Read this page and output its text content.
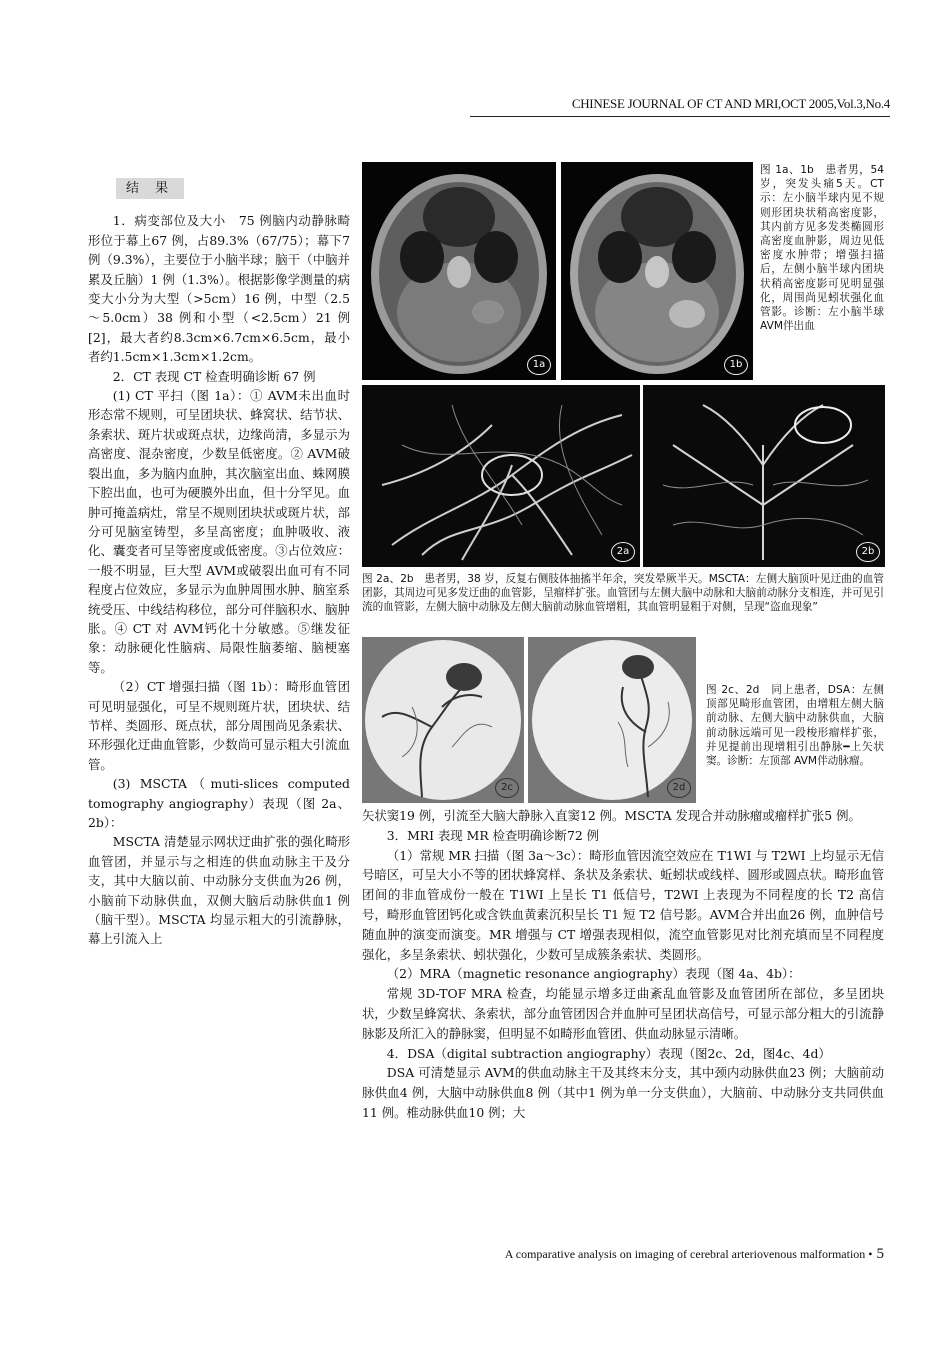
CHINESE JOURNAL OF CT AND MRI,OCT 2005,Vol.3,No.4
结 果

1．病变部位及大小　75 例脑内动静脉畸形位于幕上67 例，占89.3%（67/75）；幕下7 例（9.3%），主要位于小脑半球；脑干（中脑并累及丘脑）1 例（1.3%）。根据影像学测量的病变大小分为大型（>5cm）16 例，中型（2.5～5.0cm）38 例和小型（<2.5cm）21 例[2]，最大者约8.3cm×6.7cm×6.5cm，最小者约1.5cm×1.3cm×1.2cm。

2．CT 表现 CT 检查明确诊断 67 例

(1) CT 平扫（图 1a）：① AVM未出血时形态常不规则，可呈团块状、蜂窝状、结节状、条索状、斑片状或斑点状，边缘尚清，多显示为高密度、混杂密度，少数呈低密度。② AVM破裂出血，多为脑内血肿，其次脑室出血、蛛网膜下腔出血，也可为硬膜外出血，但十分罕见。血肿可掩盖病灶，常呈不规则团块状或斑片状，部分可见脑室铸型，多呈高密度；血肿吸收、液化、囊变者可呈等密度或低密度。③占位效应：一般不明显，巨大型 AVM或破裂出血可有不同程度占位效应，多显示为血肿周围水肿、脑室系统受压、中线结构移位，部分可伴脑积水、脑肿胀。④ CT 对 AVM钙化十分敏感。⑤继发征象：动脉硬化性脑病、局限性脑萎缩、脑梗塞等。

（2）CT 增强扫描（图 1b）：畸形血管团可见明显强化，可呈不规则斑片状，团块状、结节样、类圆形、斑点状，部分周围尚见条索状、环形强化迂曲血管影，少数尚可显示粗大引流血管。

(3) MSCTA（muti-slices computed tomography angiography）表现（图 2a、2b）：

MSCTA 清楚显示网状迂曲扩张的强化畸形血管团，并显示与之相连的供血动脉主干及分支，其中大脑以前、中动脉分支供血为26 例，小脑前下动脉供血，双侧大脑后动脉供血1 例（脑干型）。MSCTA 均显示粗大的引流静脉，幕上引流入上

1a	1b
图 1a、1b　患者男，54岁，突发头痛5天。CT示：左小脑半球内见不规则形团块状稍高密度影，其内前方见多发类椭圆形高密度血肿影，周边见低密度水肿带；增强扫描后，左侧小脑半球内团块状稍高密度影可见明显强化，周围尚见蚓状强化血管影。诊断：左小脑半球 AVM伴出血
2a	2b
图 2a、2b　患者男，38 岁，反复右侧肢体抽搐半年余，突发晕厥半天。MSCTA：左侧大脑顶叶见迂曲的血管团影，其周边可见多发迂曲的血管影，呈瘤样扩张。血管团与左侧大脑中动脉和大脑前动脉分支相连，并可见引流的血管影，左侧大脑中动脉及左侧大脑前动脉血管增粗，其血管明显粗于对侧，呈现“盗血现象”
2c	2d
图 2c、2d　同上患者，DSA：左侧顶部见畸形血管团，由增粗左侧大脑前动脉、左侧大脑中动脉供血，大脑前动脉远端可见一段梭形瘤样扩张，并见提前出现增粗引出静脉━上矢状窦。诊断：左顶部 AVM伴动脉瘤。

矢状窦19 例，引流至大脑大静脉入直窦12 例。MSCTA 发现合并动脉瘤或瘤样扩张5 例。

3．MRI 表现 MR 检查明确诊断72 例

（1）常规 MR 扫描（图 3a～3c）：畸形血管因流空效应在 T1WI 与 T2WI 上均显示无信号暗区，可呈大小不等的团状蜂窝样、条状及条索状、蚯蚓状或线样、圆形或圆点状。畸形血管团间的非血管成份一般在 T1WI 上呈长 T1 低信号，T2WI 上表现为不同程度的长 T2 高信号，畸形血管团钙化或含铁血黄素沉积呈长 T1 短 T2 信号影。AVM合并出血26 例，血肿信号随血肿的演变而演变。MR 增强与 CT 增强表现相似，流空血管影见对比剂充填而呈不同程度强化，多呈条索状、蚓状强化，少数可呈成簇条索状、类圆形。

（2）MRA（magnetic resonance angiography）表现（图 4a、4b）：

常规 3D-TOF MRA 检查，均能显示增多迂曲紊乱血管影及血管团所在部位，多呈团块状，少数呈蜂窝状、条索状，部分血管团因合并血肿可呈团状高信号，可显示部分粗大的引流静脉影及所汇入的静脉窦，但明显不如畸形血管团、供血动脉显示清晰。

4．DSA（digital subtraction angiography）表现（图2c、2d，图4c、4d）

DSA 可清楚显示 AVM的供血动脉主干及其终末分支，其中颈内动脉供血23 例；大脑前动脉供血4 例，大脑中动脉供血8 例（其中1 例为单一分支供血），大脑前、中动脉分支共同供血11 例。椎动脉供血10 例；大

A comparative analysis on imaging of cerebral arteriovenous malformation • 5
